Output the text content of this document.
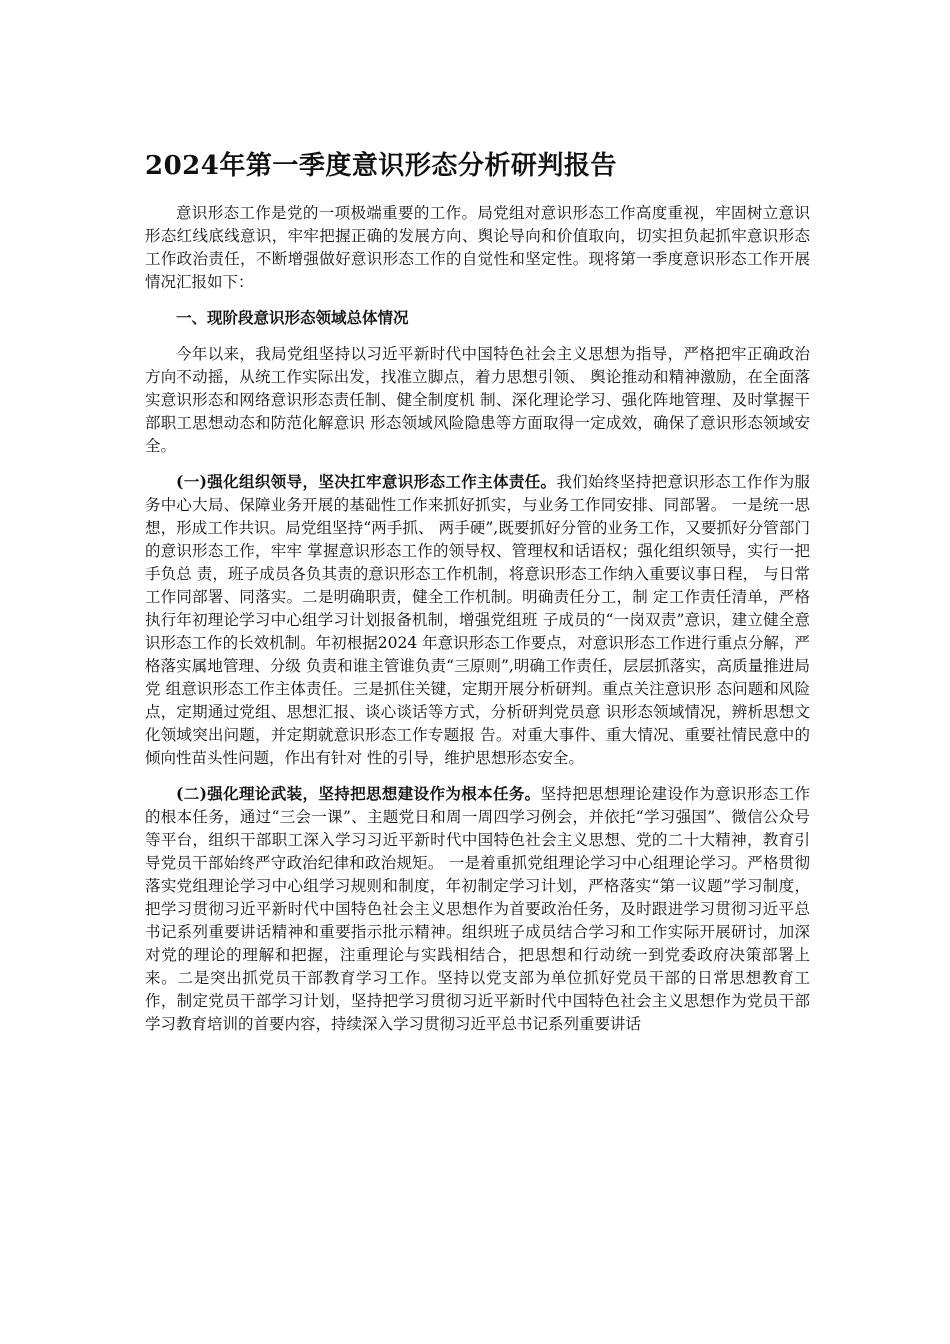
2024年第一季度意识形态分析研判报告

意识形态工作是党的一项极端重要的工作。局党组对意识形态工作高度重视，牢固树立意识形态红线底线意识，牢牢把握正确的发展方向、舆论导向和价值取向，切实担负起抓牢意识形态工作政治责任，不断增强做好意识形态工作的自觉性和坚定性。现将第一季度意识形态工作开展情况汇报如下：

一、现阶段意识形态领域总体情况

今年以来，我局党组坚持以习近平新时代中国特色社会主义思想为指导，严格把牢正确政治方向不动摇，从统工作实际出发，找准立脚点，着力思想引领、 舆论推动和精神激励，在全面落实意识形态和网络意识形态责任制、健全制度机 制、深化理论学习、强化阵地管理、及时掌握干部职工思想动态和防范化解意识 形态领域风险隐患等方面取得一定成效，确保了意识形态领域安全。

(一)强化组织领导，坚决扛牢意识形态工作主体责任。我们始终坚持把意识形态工作作为服务中心大局、保障业务开展的基础性工作来抓好抓实，与业务工作同安排、同部署。 一是统一思想，形成工作共识。局党组坚持“两手抓、 两手硬”,既要抓好分管的业务工作，又要抓好分管部门的意识形态工作，牢牢 掌握意识形态工作的领导权、管理权和话语权；强化组织领导，实行一把手负总 责，班子成员各负其责的意识形态工作机制，将意识形态工作纳入重要议事日程， 与日常工作同部署、同落实。二是明确职责，健全工作机制。明确责任分工，制 定工作责任清单，严格执行年初理论学习中心组学习计划报备机制，增强党组班 子成员的“一岗双责”意识，建立健全意识形态工作的长效机制。年初根据2024 年意识形态工作要点，对意识形态工作进行重点分解，严格落实属地管理、分级 负责和谁主管谁负责“三原则”,明确工作责任，层层抓落实，高质量推进局党 组意识形态工作主体责任。三是抓住关键，定期开展分析研判。重点关注意识形 态问题和风险点，定期通过党组、思想汇报、谈心谈话等方式，分析研判党员意 识形态领域情况，辨析思想文化领域突出问题，并定期就意识形态工作专题报 告。对重大事件、重大情况、重要社情民意中的倾向性苗头性问题，作出有针对 性的引导，维护思想形态安全。

(二)强化理论武装，坚持把思想建设作为根本任务。坚持把思想理论建设作为意识形态工作的根本任务，通过“三会一课”、主题党日和周一周四学习例会，并依托“学习强国”、微信公众号等平台，组织干部职工深入学习习近平新时代中国特色社会主义思想、党的二十大精神，教育引导党员干部始终严守政治纪律和政治规矩。 一是着重抓党组理论学习中心组理论学习。严格贯彻落实党组理论学习中心组学习规则和制度，年初制定学习计划，严格落实“第一议题”学习制度，把学习贯彻习近平新时代中国特色社会主义思想作为首要政治任务，及时跟进学习贯彻习近平总书记系列重要讲话精神和重要指示批示精神。组织班子成员结合学习和工作实际开展研讨，加深对党的理论的理解和把握，注重理论与实践相结合，把思想和行动统一到党委政府决策部署上来。二是突出抓党员干部教育学习工作。坚持以党支部为单位抓好党员干部的日常思想教育工作，制定党员干部学习计划，坚持把学习贯彻习近平新时代中国特色社会主义思想作为党员干部学习教育培训的首要内容，持续深入学习贯彻习近平总书记系列重要讲话
